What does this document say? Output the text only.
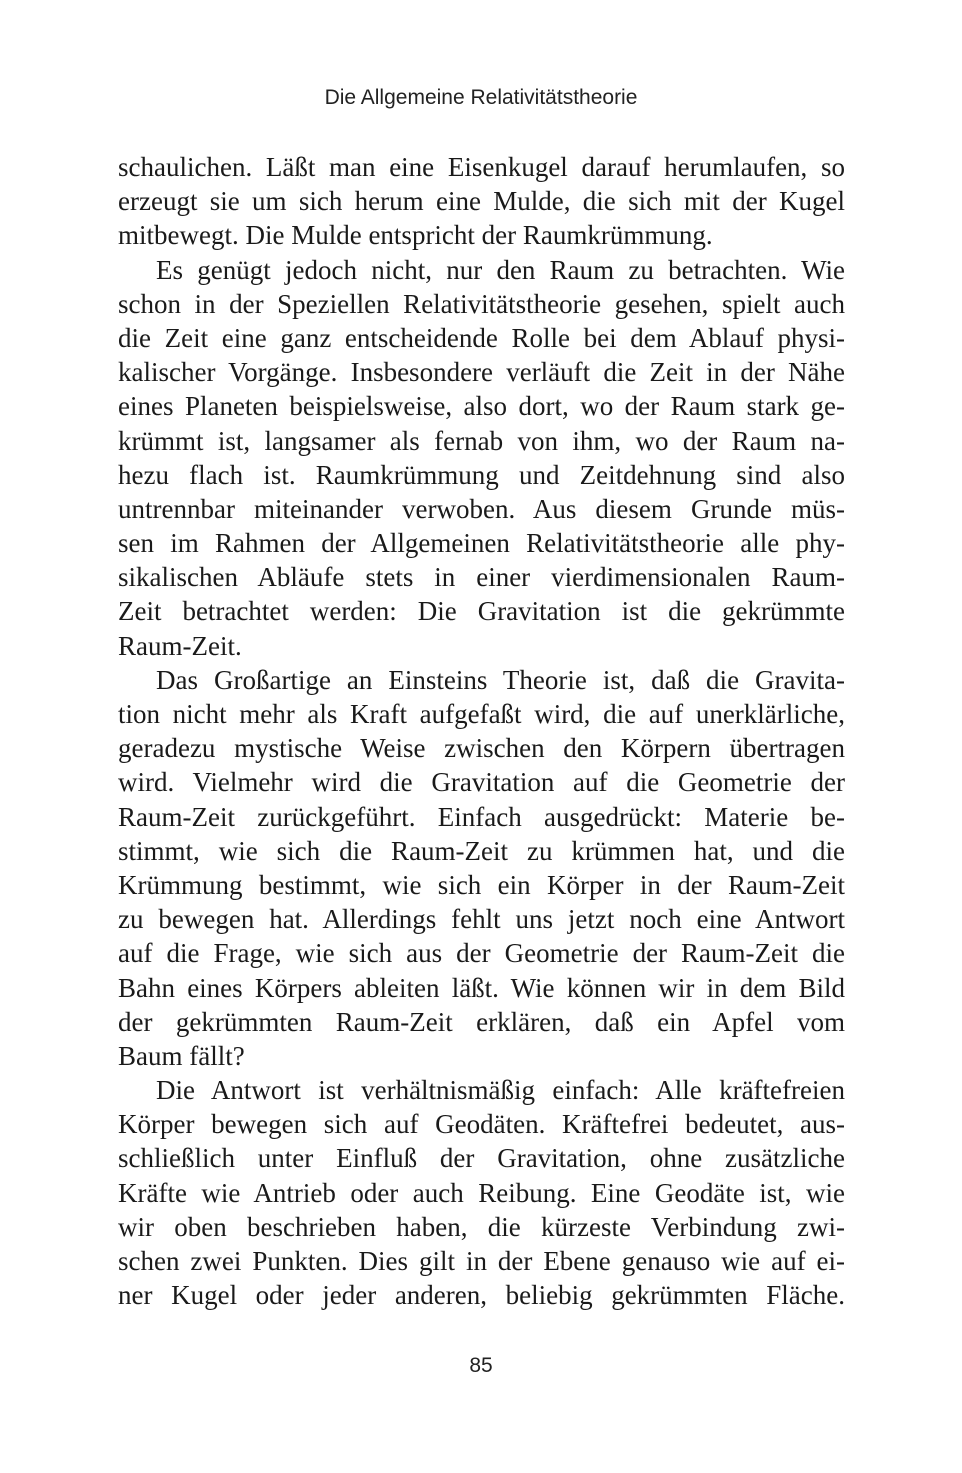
Die Allgemeine Relativitätstheorie
schaulichen. Läßt man eine Eisenkugel darauf herumlaufen, so
erzeugt sie um sich herum eine Mulde, die sich mit der Kugel
mitbewegt. Die Mulde entspricht der Raumkrümmung.
Es genügt jedoch nicht, nur den Raum zu betrachten. Wie
schon in der Speziellen Relativitätstheorie gesehen, spielt auch
die Zeit eine ganz entscheidende Rolle bei dem Ablauf physi-
kalischer Vorgänge. Insbesondere verläuft die Zeit in der Nähe
eines Planeten beispielsweise, also dort, wo der Raum stark ge-
krümmt ist, langsamer als fernab von ihm, wo der Raum na-
hezu flach ist. Raumkrümmung und Zeitdehnung sind also
untrennbar miteinander verwoben. Aus diesem Grunde müs-
sen im Rahmen der Allgemeinen Relativitätstheorie alle phy-
sikalischen Abläufe stets in einer vierdimensionalen Raum-
Zeit betrachtet werden: Die Gravitation ist die gekrümmte
Raum-Zeit.
Das Großartige an Einsteins Theorie ist, daß die Gravita-
tion nicht mehr als Kraft aufgefaßt wird, die auf unerklärliche,
geradezu mystische Weise zwischen den Körpern übertragen
wird. Vielmehr wird die Gravitation auf die Geometrie der
Raum-Zeit zurückgeführt. Einfach ausgedrückt: Materie be-
stimmt, wie sich die Raum-Zeit zu krümmen hat, und die
Krümmung bestimmt, wie sich ein Körper in der Raum-Zeit
zu bewegen hat. Allerdings fehlt uns jetzt noch eine Antwort
auf die Frage, wie sich aus der Geometrie der Raum-Zeit die
Bahn eines Körpers ableiten läßt. Wie können wir in dem Bild
der gekrümmten Raum-Zeit erklären, daß ein Apfel vom
Baum fällt?
Die Antwort ist verhältnismäßig einfach: Alle kräftefreien
Körper bewegen sich auf Geodäten. Kräftefrei bedeutet, aus-
schließlich unter Einfluß der Gravitation, ohne zusätzliche
Kräfte wie Antrieb oder auch Reibung. Eine Geodäte ist, wie
wir oben beschrieben haben, die kürzeste Verbindung zwi-
schen zwei Punkten. Dies gilt in der Ebene genauso wie auf ei-
ner Kugel oder jeder anderen, beliebig gekrümmten Fläche.
85
